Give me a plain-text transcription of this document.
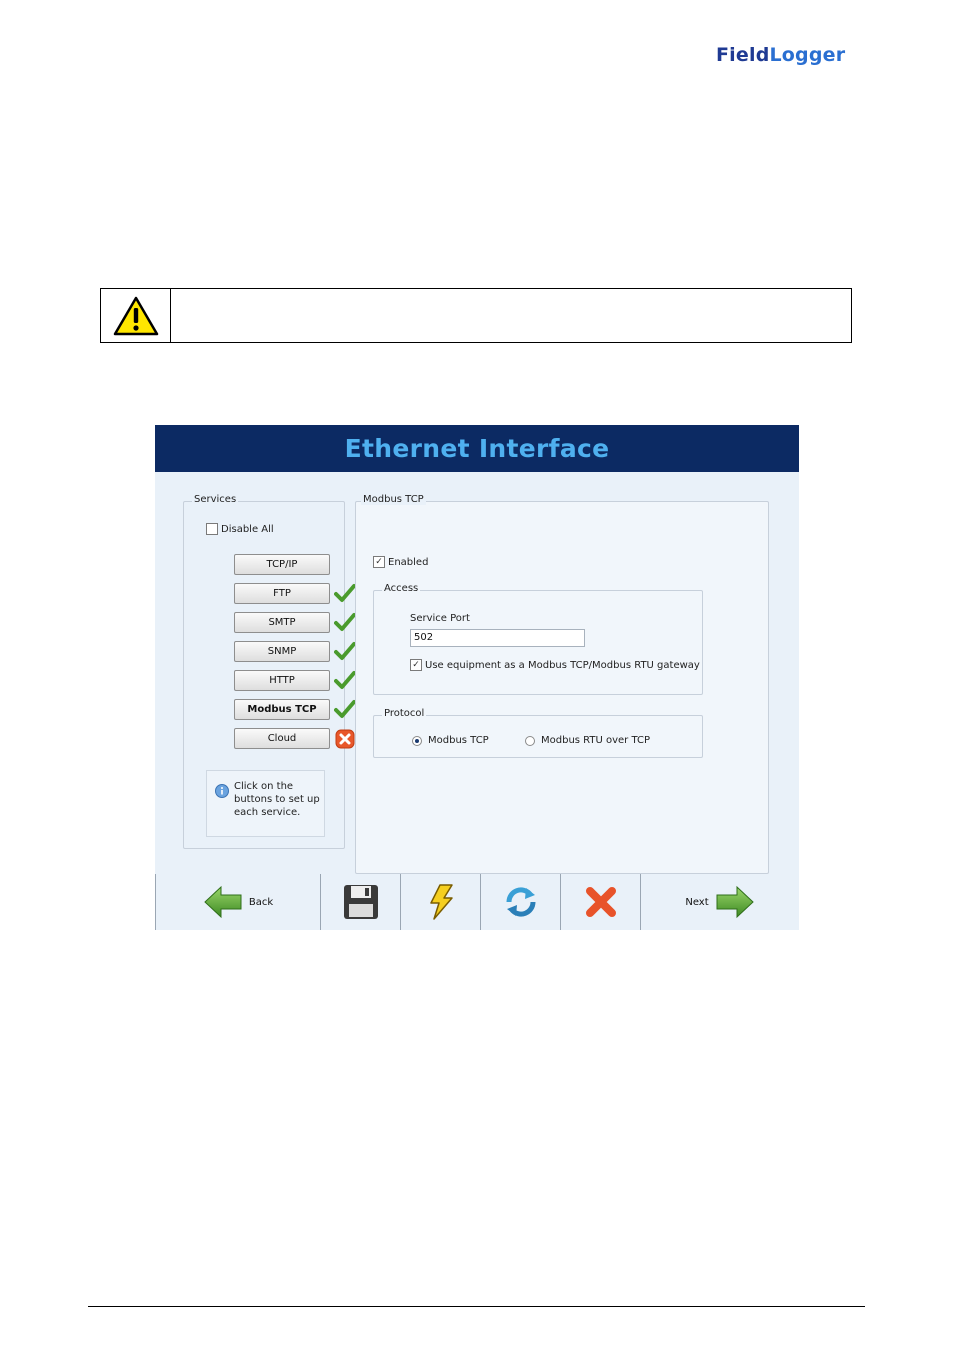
FieldLogger
Ethernet Interface
Services
Disable All
TCP/IP
FTP
SMTP
SNMP
HTTP
Modbus TCP
Cloud
Click on the buttons to set up each service.
Modbus TCP
✓ Enabled
Access
Service Port
502
✓ Use equipment as a Modbus TCP/Modbus RTU gateway
Protocol
Modbus TCP	Modbus RTU over TCP
Back	Next
